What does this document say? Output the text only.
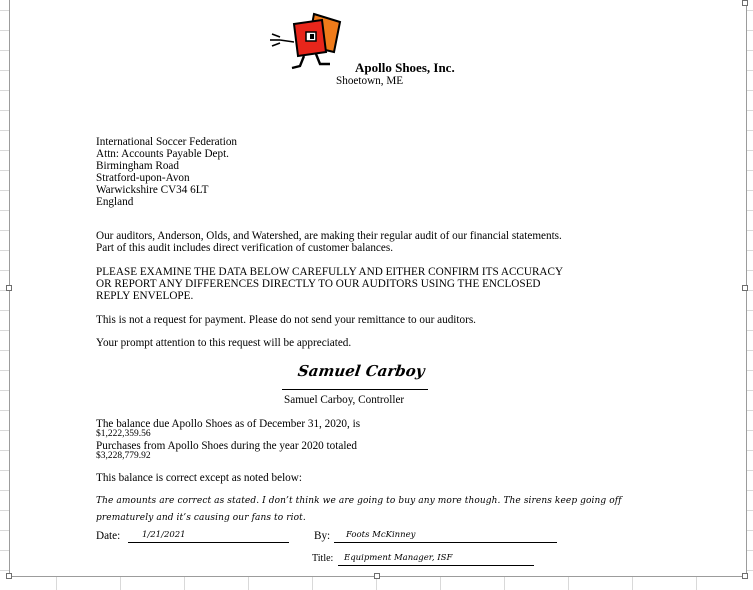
Apollo Shoes, Inc.
Shoetown, ME
International Soccer Federation
Attn: Accounts Payable Dept.
Birmingham Road
Stratford-upon-Avon
Warwickshire CV34 6LT
England
Our auditors, Anderson, Olds, and Watershed, are making their regular audit of our financial statements.
Part of this audit includes direct verification of customer balances.
PLEASE EXAMINE THE DATA BELOW CAREFULLY AND EITHER CONFIRM ITS ACCURACY
OR REPORT ANY DIFFERENCES DIRECTLY TO OUR AUDITORS USING THE ENCLOSED
REPLY ENVELOPE.
This is not a request for payment. Please do not send your remittance to our auditors.
Your prompt attention to this request will be appreciated.
Samuel Carboy
Samuel Carboy, Controller
The balance due Apollo Shoes as of December 31, 2020, is
$1,222,359.56
Purchases from Apollo Shoes during the year 2020 totaled
$3,228,779.92
This balance is correct except as noted below:
The amounts are correct as stated. I don’t think we are going to buy any more though. The sirens keep going off
prematurely and it’s causing our fans to riot.
Date:	1/21/2021	By: Foots McKinney
Title: Equipment Manager, ISF
